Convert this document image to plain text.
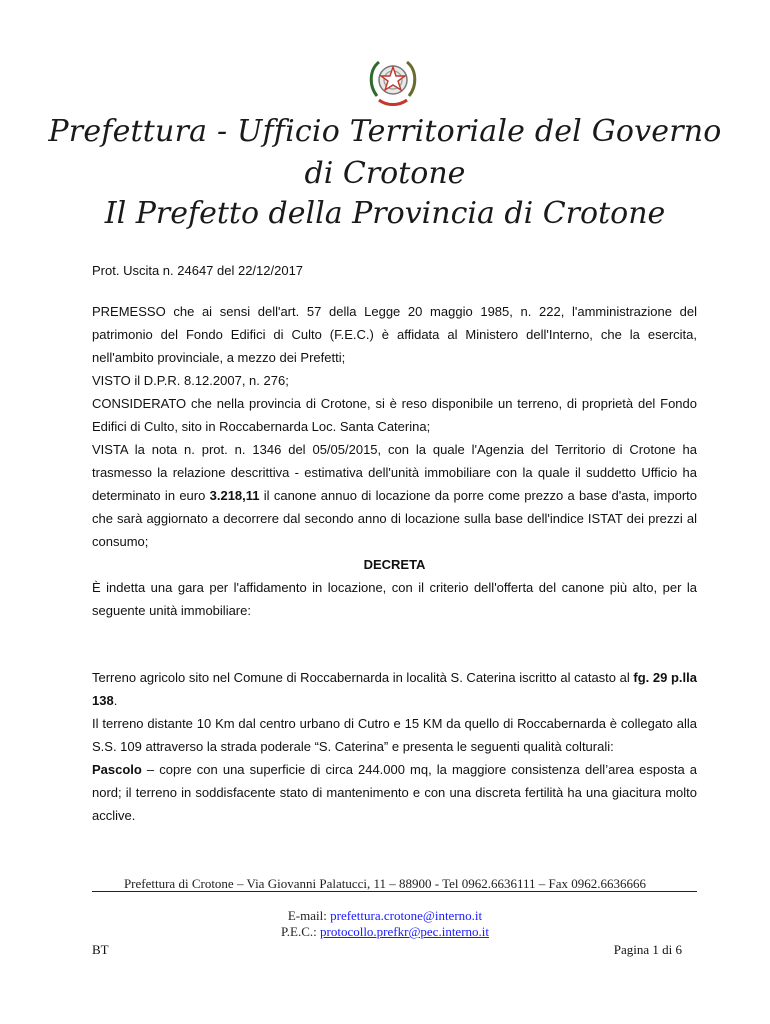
Prefettura - Ufficio Territoriale del Governo
di Crotone
Il Prefetto della Provincia di Crotone

Prot. Uscita n. 24647 del 22/12/2017

PREMESSO che ai sensi dell'art. 57 della Legge 20 maggio 1985, n. 222, l'amministrazione del patrimonio del Fondo Edifici di Culto (F.E.C.) è affidata al Ministero dell'Interno, che la esercita, nell'ambito provinciale, a mezzo dei Prefetti;

VISTO il D.P.R. 8.12.2007, n. 276;

CONSIDERATO che nella provincia di Crotone, si è reso disponibile un terreno, di proprietà del Fondo Edifici di Culto, sito in Roccabernarda Loc. Santa Caterina;

VISTA la nota n. prot. n. 1346 del 05/05/2015, con la quale l'Agenzia del Territorio di Crotone ha trasmesso la relazione descrittiva - estimativa dell'unità immobiliare con la quale il suddetto Ufficio ha determinato in euro 3.218,11 il canone annuo di locazione da porre come prezzo a base d'asta, importo che sarà aggiornato a decorrere dal secondo anno di locazione sulla base dell'indice ISTAT dei prezzi al consumo;

DECRETA

È indetta una gara per l'affidamento in locazione, con il criterio dell'offerta del canone più alto, per la seguente unità immobiliare:

Terreno agricolo sito nel Comune di Roccabernarda in località S. Caterina iscritto al catasto al fg. 29 p.lla 138.

Il terreno distante 10 Km dal centro urbano di Cutro e 15 KM da quello di Roccabernarda è collegato alla S.S. 109 attraverso la strada poderale “S. Caterina” e presenta le seguenti qualità colturali:

Pascolo – copre con una superficie di circa 244.000 mq, la maggiore consistenza dell’area esposta a nord; il terreno in soddisfacente stato di mantenimento e con una discreta fertilità ha una giacitura molto acclive.

Prefettura di Crotone – Via Giovanni Palatucci, 11 – 88900 - Tel 0962.6636111 – Fax 0962.6636666
E-mail: prefettura.crotone@interno.it
P.E.C.: protocollo.prefkr@pec.interno.it
BT	Pagina 1 di 6
